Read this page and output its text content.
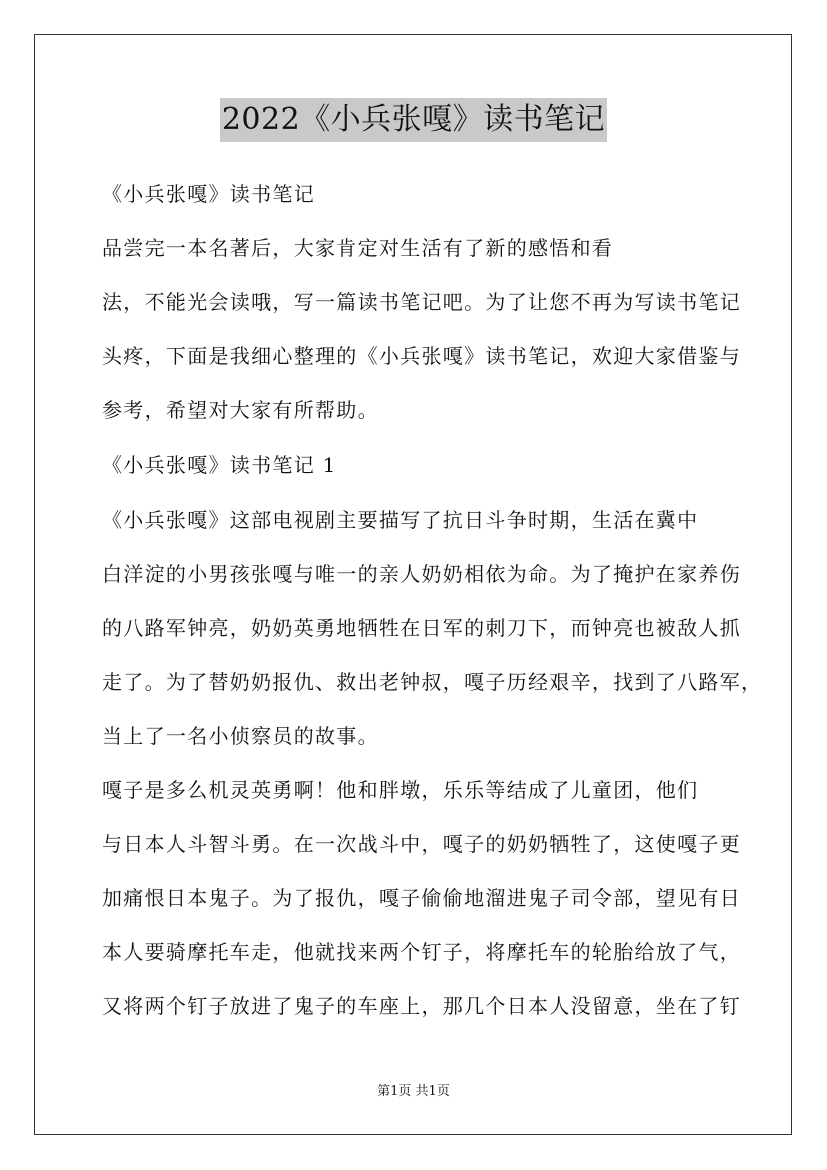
2022《小兵张嘎》读书笔记
《小兵张嘎》读书笔记
品尝完一本名著后，大家肯定对生活有了新的感悟和看
法，不能光会读哦，写一篇读书笔记吧。为了让您不再为写读书笔记
头疼，下面是我细心整理的《小兵张嘎》读书笔记，欢迎大家借鉴与
参考，希望对大家有所帮助。
《小兵张嘎》读书笔记 1
《小兵张嘎》这部电视剧主要描写了抗日斗争时期，生活在冀中
白洋淀的小男孩张嘎与唯一的亲人奶奶相依为命。为了掩护在家养伤
的八路军钟亮，奶奶英勇地牺牲在日军的刺刀下，而钟亮也被敌人抓
走了。为了替奶奶报仇、救出老钟叔，嘎子历经艰辛，找到了八路军，
当上了一名小侦察员的故事。
嘎子是多么机灵英勇啊！他和胖墩，乐乐等结成了儿童团，他们
与日本人斗智斗勇。在一次战斗中，嘎子的奶奶牺牲了，这使嘎子更
加痛恨日本鬼子。为了报仇，嘎子偷偷地溜进鬼子司令部，望见有日
本人要骑摩托车走，他就找来两个钉子，将摩托车的轮胎给放了气，
又将两个钉子放进了鬼子的车座上，那几个日本人没留意，坐在了钉
第1页 共1页
